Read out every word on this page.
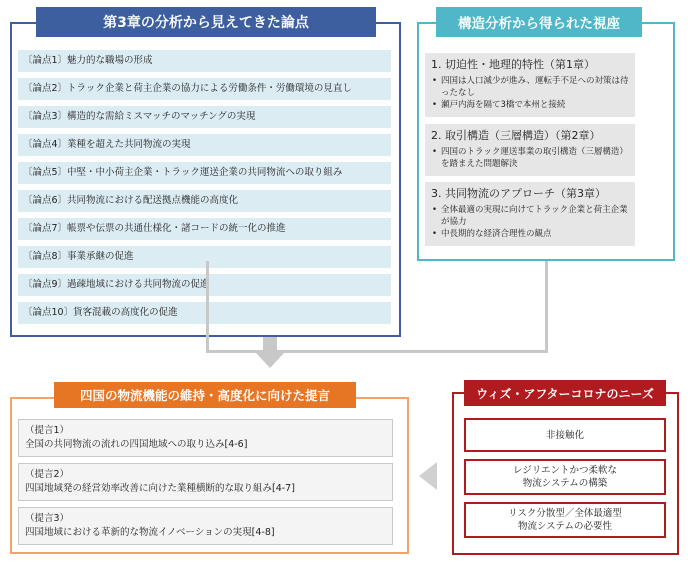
第3章の分析から見えてきた論点
〔論点1〕魅力的な職場の形成
〔論点2〕トラック企業と荷主企業の協力による労働条件・労働環境の見直し
〔論点3〕構造的な需給ミスマッチのマッチングの実現
〔論点4〕業種を超えた共同物流の実現
〔論点5〕中堅・中小荷主企業・トラック運送企業の共同物流への取り組み
〔論点6〕共同物流における配送拠点機能の高度化
〔論点7〕帳票や伝票の共通仕様化・諸コードの統一化の推進
〔論点8〕事業承継の促進
〔論点9〕過疎地域における共同物流の促進
〔論点10〕貨客混載の高度化の促進
構造分析から得られた視座
1. 切迫性・地理的特性（第1章）
• 四国は人口減少が進み、運転手不足への対策は待ったなし
• 瀬戸内海を隔て3橋で本州と接続
2. 取引構造（三層構造）（第2章）
• 四国のトラック運送事業の取引構造（三層構造）を踏まえた問題解決
3. 共同物流のアプローチ（第3章）
• 全体最適の実現に向けてトラック企業と荷主企業が協力
• 中長期的な経済合理性の観点
四国の物流機能の維持・高度化に向けた提言
（提言1）
全国の共同物流の流れの四国地域への取り込み[4-6]
（提言2）
四国地域発の経営効率改善に向けた業種横断的な取り組み[4-7]
（提言3）
四国地域における革新的な物流イノベーションの実現[4-8]
ウィズ・アフターコロナのニーズ
非接触化
レジリエントかつ柔軟な
物流システムの構築
リスク分散型／全体最適型
物流システムの必要性
